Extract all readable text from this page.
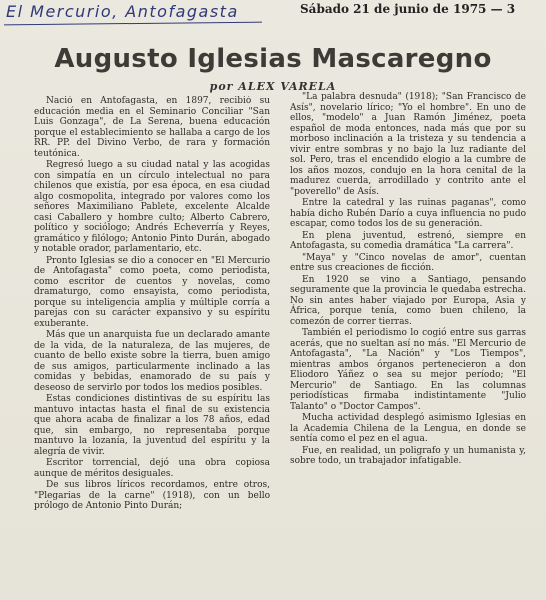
El Mercurio, Antofagasta	Sábado 21 de junio de 1975 — 3
Augusto Iglesias Mascaregno
por ALEX VARELA

Nació en Antofagasta, en 1897, recibió su educación media en el Seminario Conciliar "San Luis Gonzaga", de La Serena, buena educación porque el establecimiento se hallaba a cargo de los RR. PP. del Divino Verbo, de rara y formación teutónica.

Regresó luego a su ciudad natal y las acogidas con simpatía en un círculo intelectual no para chilenos que existía, por esa época, en esa ciudad algo cosmopolita, integrado por valores como los señores Maximiliano Pablete, excelente Alcalde casi Caballero y hombre culto; Alberto Cabrero, político y sociólogo; Andrés Echeverría y Reyes, gramático y filólogo; Antonio Pinto Durán, abogado y notable orador, parlamentario, etc.

Pronto Iglesias se dio a conocer en "El Mercurio de Antofagasta" como poeta, como periodista, como escritor de cuentos y novelas, como dramaturgo, como ensayista, como periodista, porque su inteligencia amplia y múltiple corría a parejas con su carácter expansivo y su espíritu exuberante.

Más que un anarquista fue un declarado amante de la vida, de la naturaleza, de las mujeres, de cuanto de bello existe sobre la tierra, buen amigo de sus amigos, particularmente inclinado a las comidas y bebidas, enamorado de su país y deseoso de servirlo por todos los medios posibles.

Estas condiciones distintivas de su espíritu las mantuvo intactas hasta el final de su existencia que ahora acaba de finalizar a los 78 años, edad que, sin embargo, no representaba porque mantuvo la lozanía, la juventud del espíritu y la alegría de vivir.

Escritor torrencial, dejó una obra copiosa aunque de méritos desiguales.

De sus libros líricos recordamos, entre otros, "Plegarias de la carne" (1918), con un bello prólogo de Antonio Pinto Durán;

"La palabra desnuda" (1918); "San Francisco de Asís", novelario lírico; "Yo el hombre". En uno de ellos, "modelo" a Juan Ramón Jiménez, poeta español de moda entonces, nada más que por su morboso inclinación a la tristeza y su tendencia a vivir entre sombras y no bajo la luz radiante del sol. Pero, tras el encendido elogio a la cumbre de los años mozos, condujo en la hora cenital de la madurez cuerda, arrodillado y contrito ante el "poverello" de Asís.

Entre la catedral y las ruinas paganas", como había dicho Rubén Darío a cuya influencia no pudo escapar, como todos los de su generación.

En plena juventud, estrenó, siempre en Antofagasta, su comedia dramática "La carrera".

"Maya" y "Cinco novelas de amor", cuentan entre sus creaciones de ficción.

En 1920 se vino a Santiago, pensando seguramente que la provincia le quedaba estrecha. No sin antes haber viajado por Europa, Asia y África, porque tenía, como buen chileno, la comezón de correr tierras.

También el periodismo lo cogió entre sus garras acerás, que no sueltan así no más. "El Mercurio de Antofagasta", "La Nación" y "Los Tiempos", mientras ambos órganos pertenecieron a don Eliodoro Yáñez o sea su mejor período; "El Mercurio" de Santiago. En las columnas periodísticas firmaba indistintamente "Julio Talanto" o "Doctor Campos".

Mucha actividad desplegó asimismo Iglesias en la Academia Chilena de la Lengua, en donde se sentía como el pez en el agua.

Fue, en realidad, un poligrafo y un humanista y, sobre todo, un trabajador infatigable.
